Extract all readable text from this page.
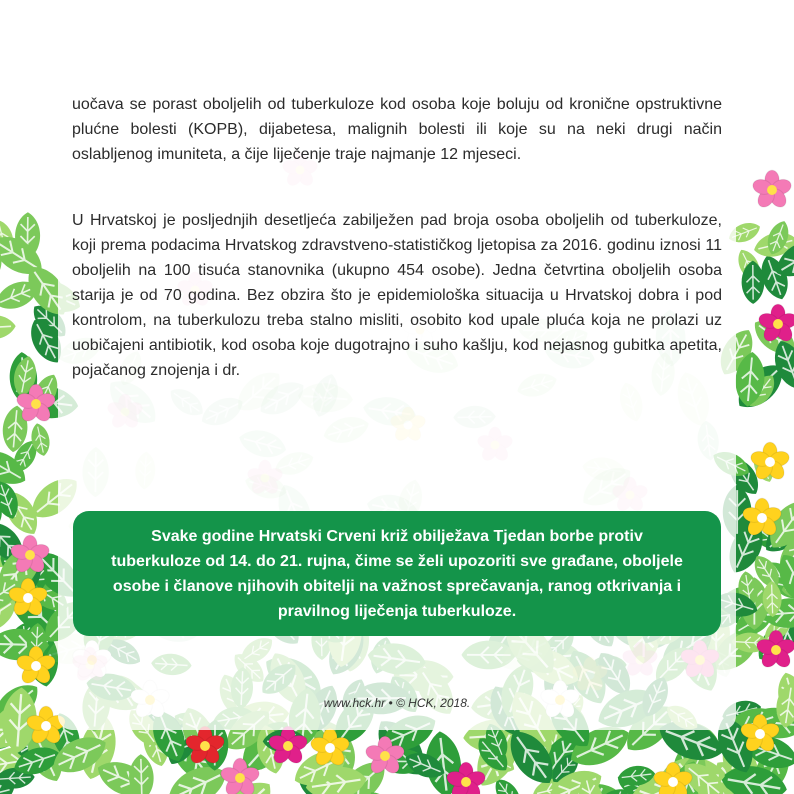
uočava se porast oboljelih od tuberkuloze kod osoba koje boluju od kronične opstruktivne plućne bolesti (KOPB), dijabetesa, malignih bolesti ili koje su na neki drugi način oslabljenog imuniteta, a čije liječenje traje najmanje 12 mjeseci.

U Hrvatskoj je posljednjih desetljeća zabilježen pad broja osoba oboljelih od tuberkuloze, koji prema podacima Hrvatskog zdravstveno-statističkog ljetopisa za 2016. godinu iznosi 11 oboljelih na 100 tisuća stanovnika (ukupno 454 osobe). Jedna četvrtina oboljelih osoba starija je od 70 godina. Bez obzira što je epidemiološka situacija u Hrvatskoj dobra i pod kontrolom, na tuberkulozu treba stalno misliti, osobito kod upale pluća koja ne prolazi uz uobičajeni antibiotik, kod osoba koje dugotrajno i suho kašlju, kod nejasnog gubitka apetita, pojačanog znojenja i dr.

Svake godine Hrvatski Crveni križ obilježava Tjedan borbe protiv tuberkuloze od 14. do 21. rujna, čime se želi upozoriti sve građane, oboljele osobe i članove njihovih obitelji na važnost sprečavanja, ranog otkrivanja i pravilnog liječenja tuberkuloze.

www.hck.hr • © HCK, 2018.
